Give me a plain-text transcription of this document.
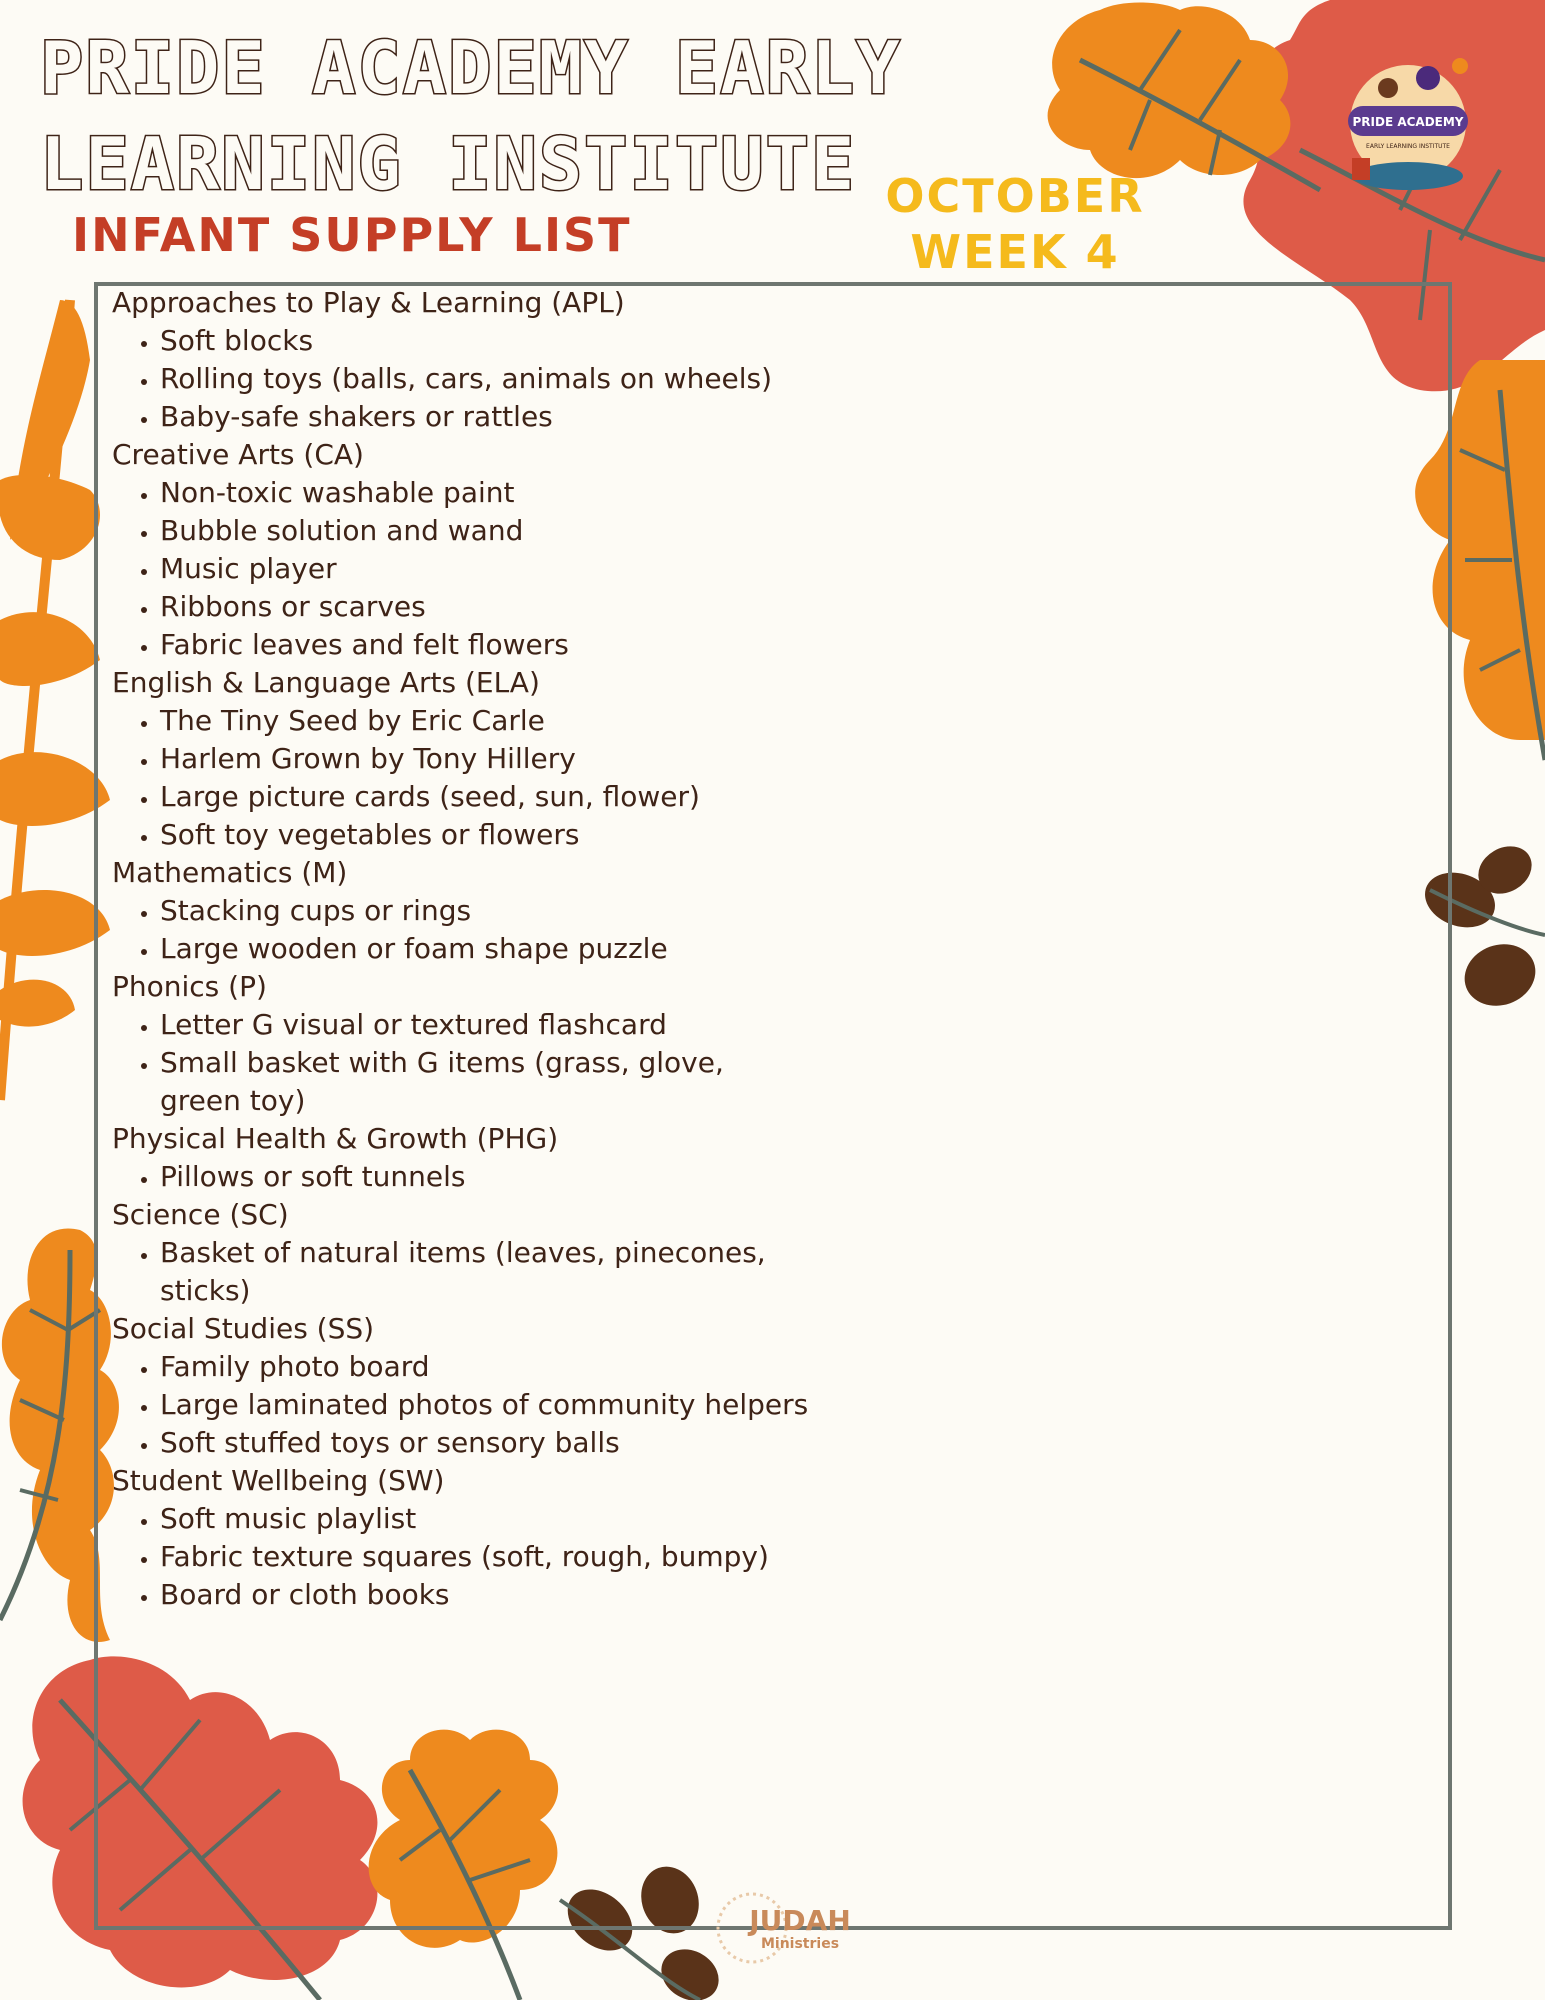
PRIDE ACADEMY EARLY
LEARNING INSTITUTE
INFANT SUPPLY LIST
OCTOBER
WEEK 4
PRIDE ACADEMY
EARLY LEARNING INSTITUTE
Approaches to Play & Learning (APL)
• Soft blocks
• Rolling toys (balls, cars, animals on wheels)
• Baby-safe shakers or rattles
Creative Arts (CA)
• Non-toxic washable paint
• Bubble solution and wand
• Music player
• Ribbons or scarves
• Fabric leaves and felt flowers
English & Language Arts (ELA)
• The Tiny Seed by Eric Carle
• Harlem Grown by Tony Hillery
• Large picture cards (seed, sun, flower)
• Soft toy vegetables or flowers
Mathematics (M)
• Stacking cups or rings
• Large wooden or foam shape puzzle
Phonics (P)
• Letter G visual or textured flashcard
• Small basket with G items (grass, glove, green toy)
Physical Health & Growth (PHG)
• Pillows or soft tunnels
Science (SC)
• Basket of natural items (leaves, pinecones, sticks)
Social Studies (SS)
• Family photo board
• Large laminated photos of community helpers
• Soft stuffed toys or sensory balls
Student Wellbeing (SW)
• Soft music playlist
• Fabric texture squares (soft, rough, bumpy)
• Board or cloth books
JUDAH
Ministries
